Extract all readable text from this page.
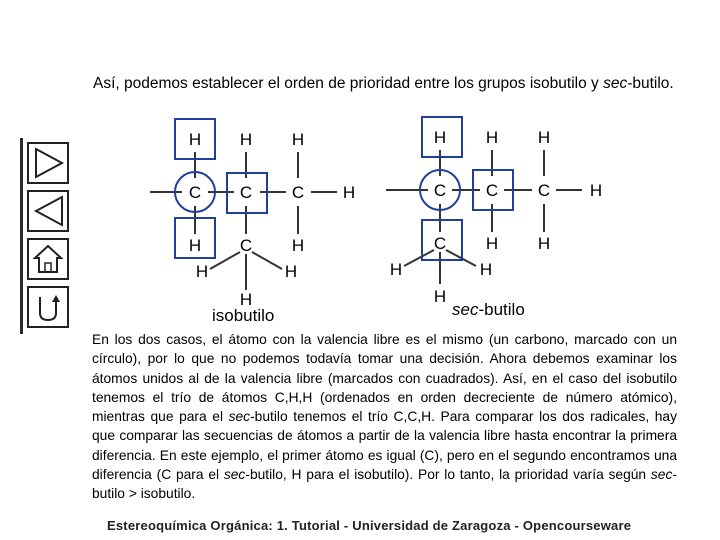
Así, podemos establecer el orden de prioridad entre los grupos isobutilo y sec-butilo.
H H H
C C C H
H C H
H	H
H
H H H
C C C H
C H H
H	H
H
isobutilo	sec-butilo

En los dos casos, el átomo con la valencia libre es el mismo (un carbono, marcado con un círculo), por lo que no podemos todavía tomar una decisión. Ahora debemos examinar los átomos unidos al de la valencia libre (marcados con cuadrados). Así, en el caso del isobutilo tenemos el trío de átomos C,H,H (ordenados en orden decreciente de número atómico), mientras que para el sec-butilo tenemos el trío C,C,H. Para comparar los dos radicales, hay que comparar las secuencias de átomos a partir de la valencia libre hasta encontrar la primera diferencia. En este ejemplo, el primer átomo es igual (C), pero en el segundo encontramos una diferencia (C para el sec-butilo, H para el isobutilo). Por lo tanto, la prioridad varía según sec-butilo > isobutilo.

Estereoquímica Orgánica: 1. Tutorial - Universidad de Zaragoza - Opencourseware
